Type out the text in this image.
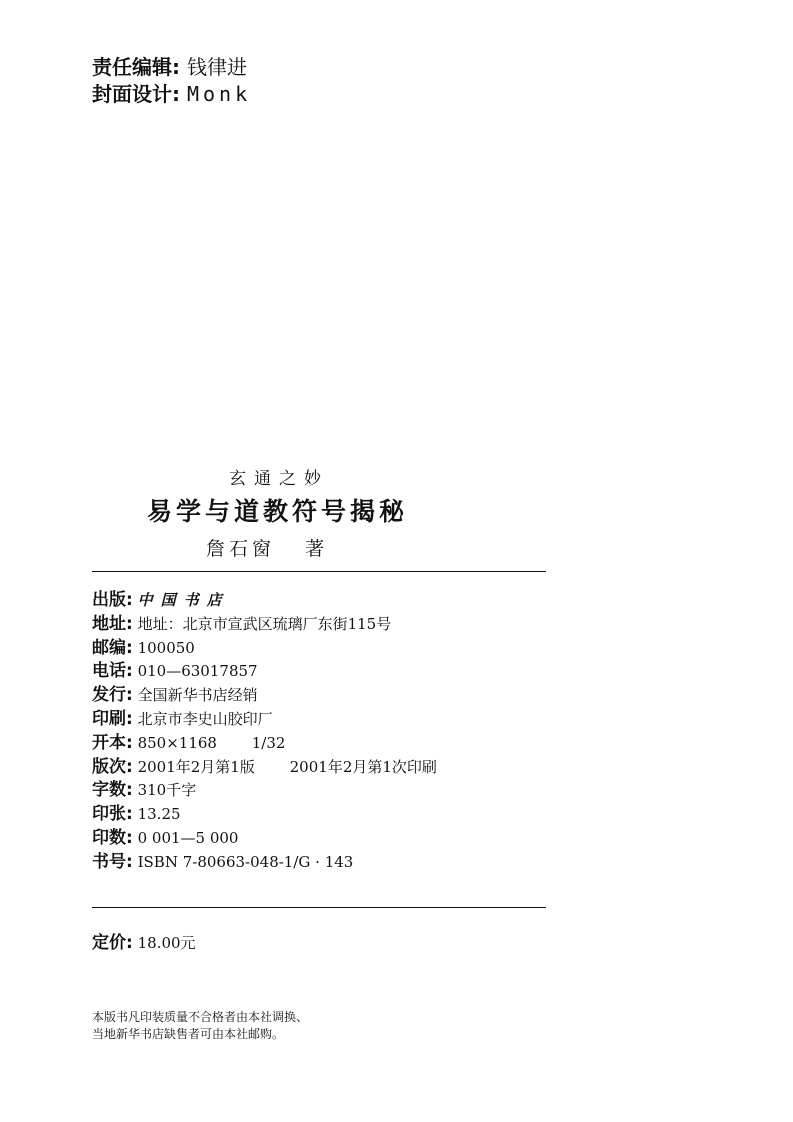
责任编辑: 钱律进
封面设计: Monk
玄通之妙
易学与道教符号揭秘
詹石窗 著
出版: 中国书店
地址: 地址：北京市宣武区琉璃厂东街115号
邮编: 100050
电话: 010—63017857
发行: 全国新华书店经销
印刷: 北京市李史山胶印厂
开本: 850×1168 1/32
版次: 2001年2月第1版 2001年2月第1次印刷
字数: 310千字
印张: 13.25
印数: 0 001—5 000
书号: ISBN 7-80663-048-1/G · 143
定价: 18.00元
本版书凡印装质量不合格者由本社调换、
当地新华书店缺售者可由本社邮购。
